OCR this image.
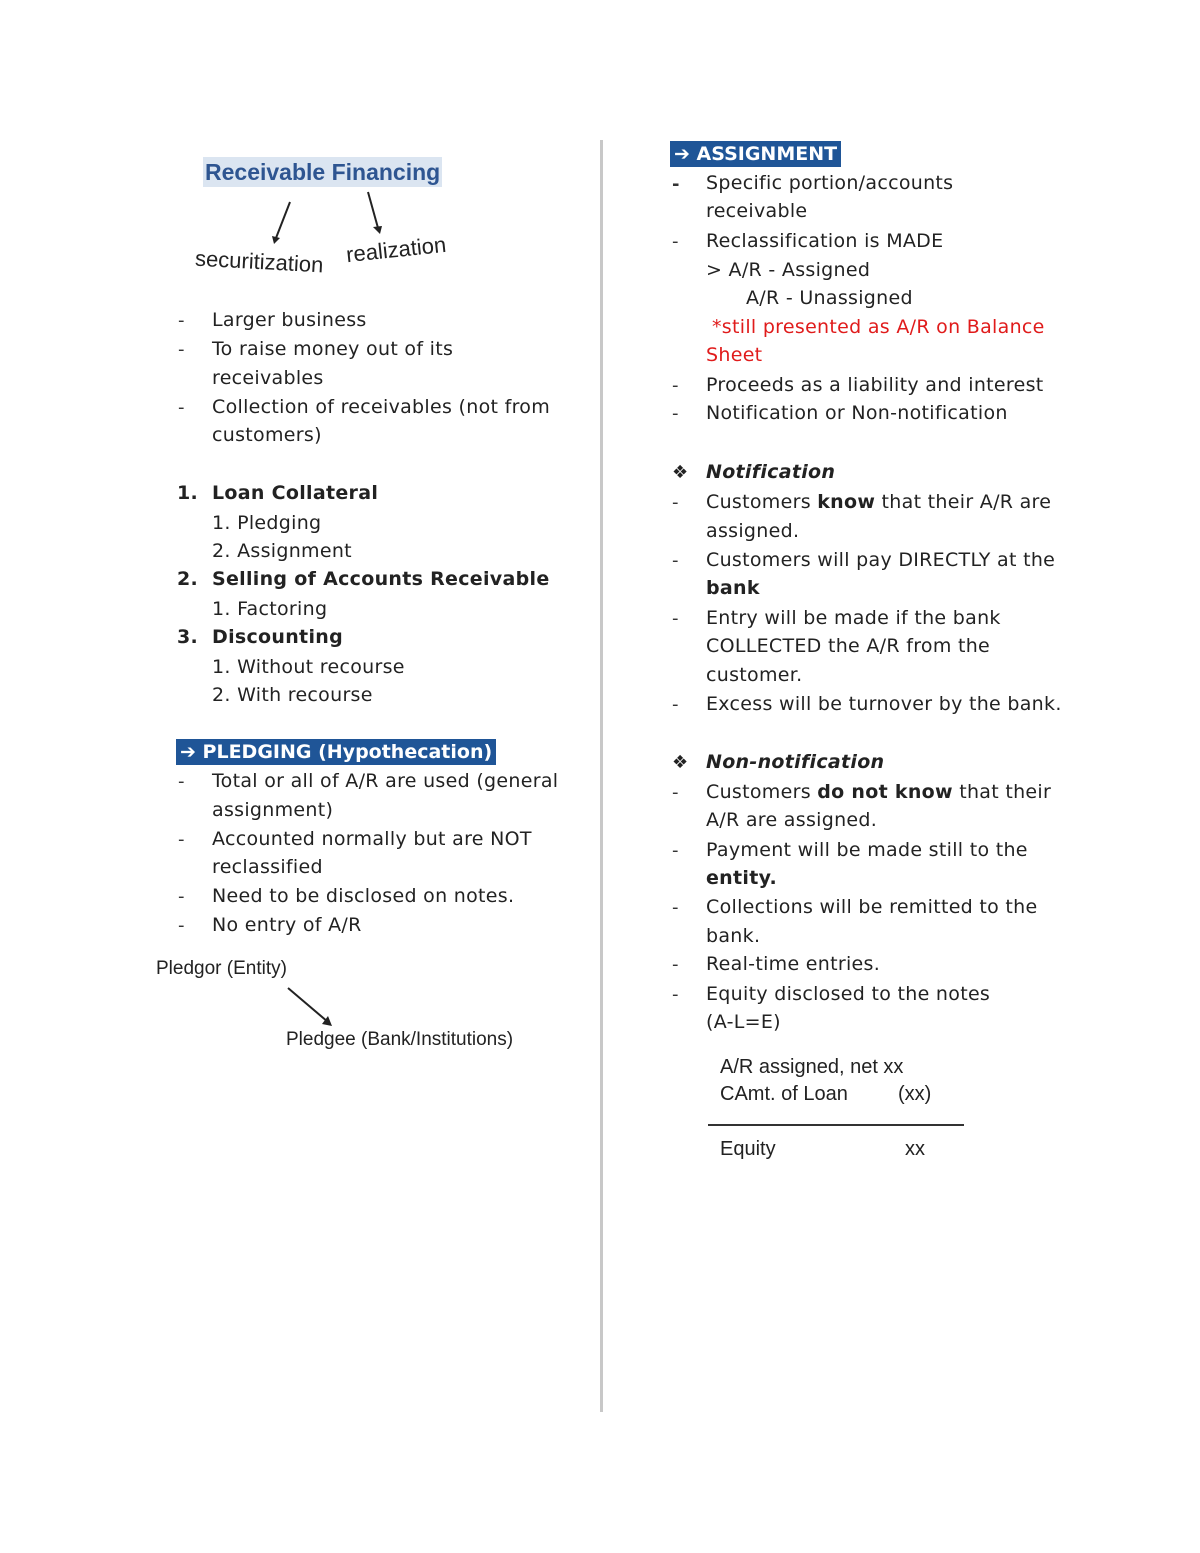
Receivable Financing
securitization realization
- Larger business
- To raise money out of its
receivables
- Collection of receivables (not from
customers)
1. Loan Collateral
1. Pledging
2. Assignment
2. Selling of Accounts Receivable
1. Factoring
3. Discounting
1. Without recourse
2. With recourse
➔ PLEDGING (Hypothecation)
- Total or all of A/R are used (general
assignment)
- Accounted normally but are NOT
reclassified
- Need to be disclosed on notes.
- No entry of A/R
Pledgor (Entity)
Pledgee (Bank/Institutions)
➔ ASSIGNMENT
- Specific portion/accounts
receivable
- Reclassification is MADE
> A/R - Assigned
A/R - Unassigned
*still presented as A/R on Balance
Sheet
- Proceeds as a liability and interest
- Notification or Non-notification
❖ Notification
- Customers know that their A/R are
assigned.
- Customers will pay DIRECTLY at the
bank
- Entry will be made if the bank
COLLECTED the A/R from the
customer.
- Excess will be turnover by the bank.
❖ Non-notification
- Customers do not know that their
A/R are assigned.
- Payment will be made still to the
entity.
- Collections will be remitted to the
bank.
- Real-time entries.
- Equity disclosed to the notes
(A-L=E)
A/R assigned, net xx
CAmt. of Loan	(xx)
Equity	xx
